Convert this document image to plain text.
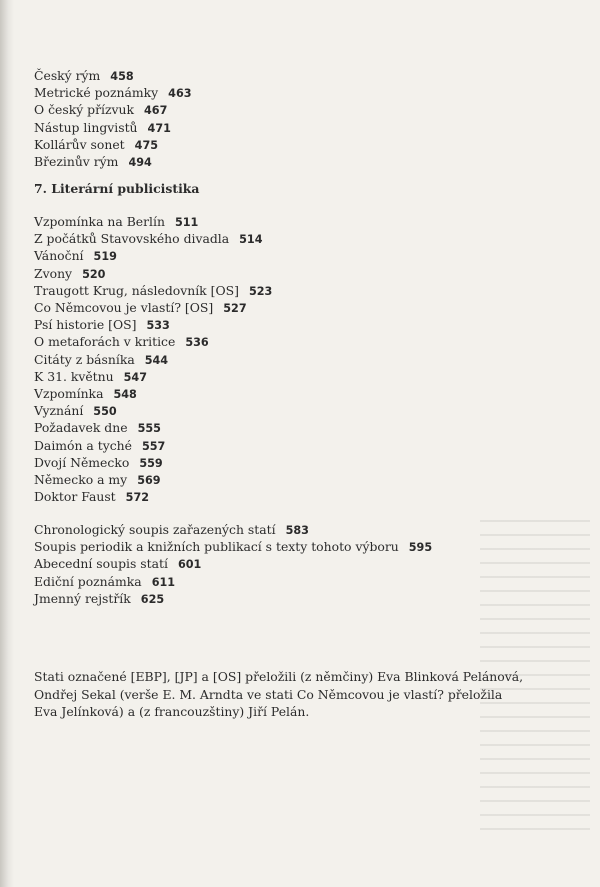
Český rým 458
Metrické poznámky 463
O český přízvuk 467
Nástup lingvistů 471
Kollárův sonet 475
Březinův rým 494
7. Literární publicistika
Vzpomínka na Berlín 511
Z počátků Stavovského divadla 514
Vánoční 519
Zvony 520
Traugott Krug, následovník [OS] 523
Co Němcovou je vlastí? [OS] 527
Psí historie [OS] 533
O metaforách v kritice 536
Citáty z básníka 544
K 31. květnu 547
Vzpomínka 548
Vyznání 550
Požadavek dne 555
Daimón a tyché 557
Dvojí Německo 559
Německo a my 569
Doktor Faust 572
Chronologický soupis zařazených statí 583
Soupis periodik a knižních publikací s texty tohoto výboru 595
Abecední soupis statí 601
Ediční poznámka 611
Jmenný rejstřík 625
Stati označené [EBP], [JP] a [OS] přeložili (z němčiny) Eva Blinková Pelánová,
Ondřej Sekal (verše E. M. Arndta ve stati Co Němcovou je vlastí? přeložila
Eva Jelínková) a (z francouzštiny) Jiří Pelán.
